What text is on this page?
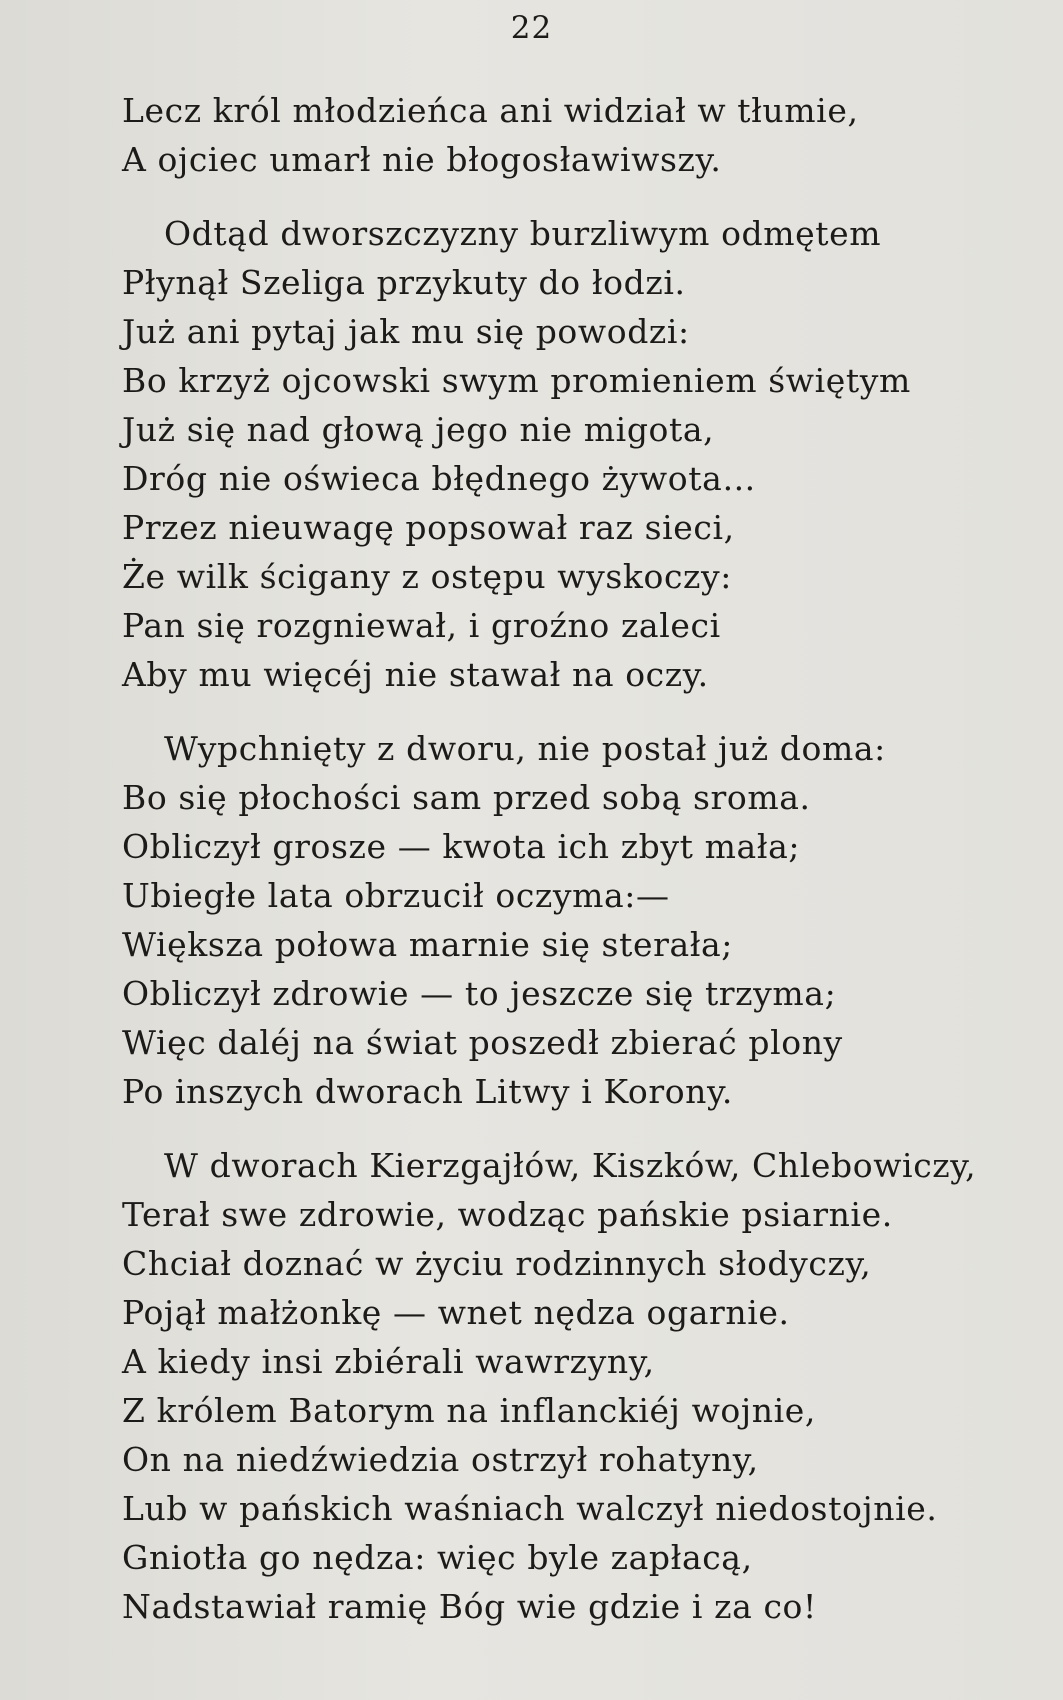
22
Lecz król młodzieńca ani widział w tłumie,
A ojciec umarł nie błogosławiwszy.
Odtąd dworszczyzny burzliwym odmętem
Płynął Szeliga przykuty do łodzi.
Już ani pytaj jak mu się powodzi:
Bo krzyż ojcowski swym promieniem świętym
Już się nad głową jego nie migota,
Dróg nie oświeca błędnego żywota…
Przez nieuwagę popsował raz sieci,
Że wilk ścigany z ostępu wyskoczy:
Pan się rozgniewał, i groźno zaleci
Aby mu więcéj nie stawał na oczy.
Wypchnięty z dworu, nie postał już doma:
Bo się płochości sam przed sobą sroma.
Obliczył grosze — kwota ich zbyt mała;
Ubiegłe lata obrzucił oczyma:—
Większa połowa marnie się sterała;
Obliczył zdrowie — to jeszcze się trzyma;
Więc daléj na świat poszedł zbierać plony
Po inszych dworach Litwy i Korony.
W dworach Kierzgajłów, Kiszków, Chlebowiczy,
Terał swe zdrowie, wodząc pańskie psiarnie.
Chciał doznać w życiu rodzinnych słodyczy,
Pojął małżonkę — wnet nędza ogarnie.
A kiedy insi zbiérali wawrzyny,
Z królem Batorym na inflanckiéj wojnie,
On na niedźwiedzia ostrzył rohatyny,
Lub w pańskich waśniach walczył niedostojnie.
Gniotła go nędza: więc byle zapłacą,
Nadstawiał ramię Bóg wie gdzie i za co!
